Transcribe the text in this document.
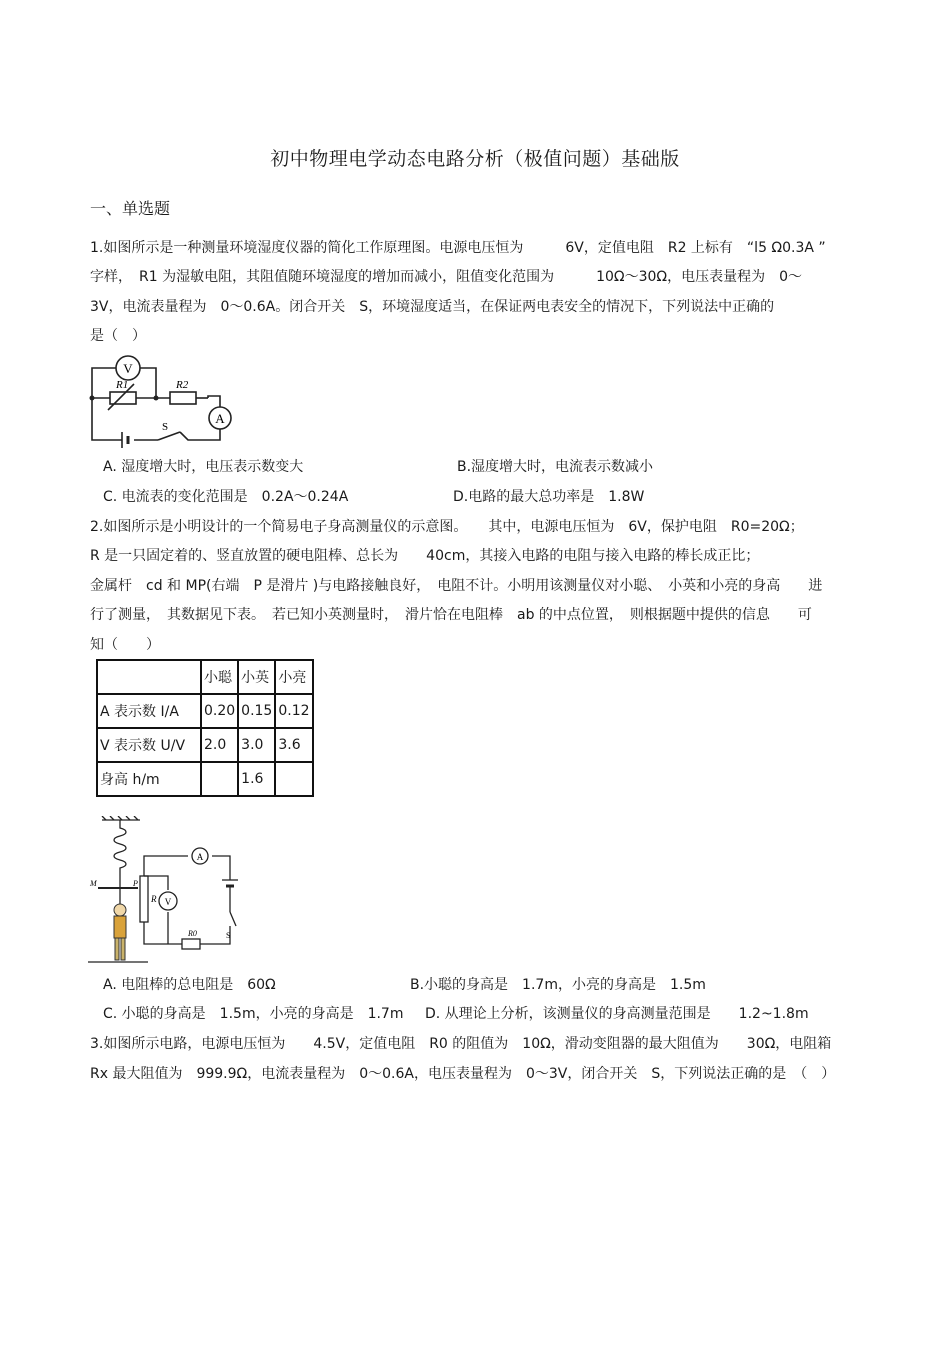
初中物理电学动态电路分析（极值问题）基础版
一、单选题
1.如图所示是一种测量环境湿度仪器的简化工作原理图。电源电压恒为　　　6V，定值电阻　R2 上标有　“l5 Ω0.3A ”
字样，　R1 为湿敏电阻，其阻值随环境湿度的增加而减小，阻值变化范围为　　　10Ω～30Ω，电压表量程为　0～
3V，电流表量程为　0～0.6A。闭合开关　S，环境湿度适当，在保证两电表安全的情况下，下列说法中正确的
是（　）
V
A
R1	R2
S
A. 湿度增大时，电压表示数变大	B.湿度增大时，电流表示数减小
C. 电流表的变化范围是　0.2A～0.24A	D.电路的最大总功率是　1.8W
2.如图所示是小明设计的一个简易电子身高测量仪的示意图。　　其中，电源电压恒为　6V，保护电阻　R0=20Ω；
R 是一只固定着的、竖直放置的硬电阻棒、总长为　　40cm，其接入电路的电阻与接入电路的棒长成正比；
金属杆　cd 和 MP(右端　P 是滑片 )与电路接触良好，　电阻不计。小明用该测量仪对小聪、　小英和小亮的身高　　进
行了测量，　其数据见下表。　若已知小英测量时，　滑片恰在电阻棒　ab 的中点位置，　则根据题中提供的信息　　可
知（　　）
	小聪	小英	小亮
A 表示数 I/A	0.20	0.15	0.12
V 表示数 U/V	2.0	3.0	3.6
身高 h/m		1.6	
A
V
R
R0	S
M	P
A. 电阻棒的总电阻是　60Ω	B.小聪的身高是　1.7m，小亮的身高是　1.5m
C. 小聪的身高是　1.5m，小亮的身高是　1.7m D. 从理论上分析，该测量仪的身高测量范围是　　1.2~1.8m
3.如图所示电路，电源电压恒为　　4.5V，定值电阻　R0 的阻值为　10Ω，滑动变阻器的最大阻值为　　30Ω，电阻箱
Rx 最大阻值为　999.9Ω，电流表量程为　0～0.6A，电压表量程为　0～3V，闭合开关　S，下列说法正确的是　（　）
